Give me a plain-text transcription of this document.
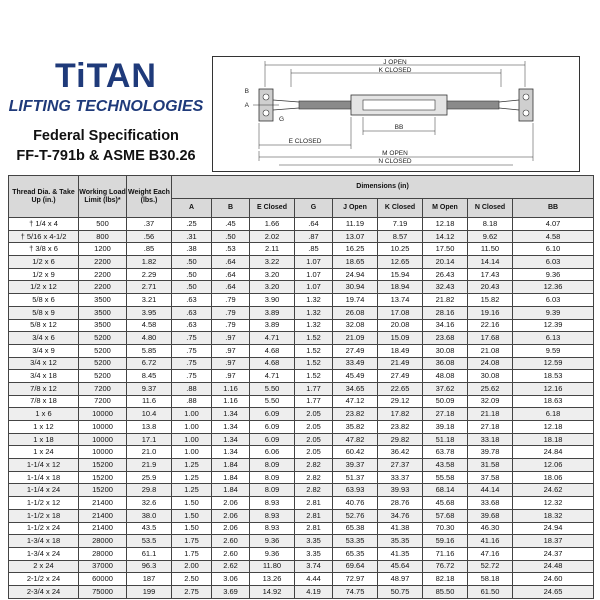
TiTAN
LIFTING TECHNOLOGIES
Federal Specification
FF-T-791b & ASME B30.26
J OPEN
K CLOSED
A
B
G
BB
E CLOSED
M OPEN
N CLOSED
Thread Dia. & Take Up (in.)	Working Load Limit (lbs)*	Weight Each (lbs.)	Dimensions (in)								
			A	B	E Closed	G	J Open	K Closed	M Open	N Closed	BB
† 1/4 x 4	500	.37	.25	.45	1.66	.64	11.19	7.19	12.18	8.18	4.07
† 5/16 x 4-1/2	800	.56	.31	.50	2.02	.87	13.07	8.57	14.12	9.62	4.58
† 3/8 x 6	1200	.85	.38	.53	2.11	.85	16.25	10.25	17.50	11.50	6.10
1/2 x 6	2200	1.82	.50	.64	3.22	1.07	18.65	12.65	20.14	14.14	6.03
1/2 x 9	2200	2.29	.50	.64	3.20	1.07	24.94	15.94	26.43	17.43	9.36
1/2 x 12	2200	2.71	.50	.64	3.20	1.07	30.94	18.94	32.43	20.43	12.36
5/8 x 6	3500	3.21	.63	.79	3.90	1.32	19.74	13.74	21.82	15.82	6.03
5/8 x 9	3500	3.95	.63	.79	3.89	1.32	26.08	17.08	28.16	19.16	9.39
5/8 x 12	3500	4.58	.63	.79	3.89	1.32	32.08	20.08	34.16	22.16	12.39
3/4 x 6	5200	4.80	.75	.97	4.71	1.52	21.09	15.09	23.68	17.68	6.13
3/4 x 9	5200	5.85	.75	.97	4.68	1.52	27.49	18.49	30.08	21.08	9.59
3/4 x 12	5200	6.72	.75	.97	4.68	1.52	33.49	21.49	36.08	24.08	12.59
3/4 x 18	5200	8.45	.75	.97	4.71	1.52	45.49	27.49	48.08	30.08	18.53
7/8 x 12	7200	9.37	.88	1.16	5.50	1.77	34.65	22.65	37.62	25.62	12.16
7/8 x 18	7200	11.6	.88	1.16	5.50	1.77	47.12	29.12	50.09	32.09	18.63
1 x 6	10000	10.4	1.00	1.34	6.09	2.05	23.82	17.82	27.18	21.18	6.18
1 x 12	10000	13.8	1.00	1.34	6.09	2.05	35.82	23.82	39.18	27.18	12.18
1 x 18	10000	17.1	1.00	1.34	6.09	2.05	47.82	29.82	51.18	33.18	18.18
1 x 24	10000	21.0	1.00	1.34	6.06	2.05	60.42	36.42	63.78	39.78	24.84
1-1/4 x 12	15200	21.9	1.25	1.84	8.09	2.82	39.37	27.37	43.58	31.58	12.06
1-1/4 x 18	15200	25.9	1.25	1.84	8.09	2.82	51.37	33.37	55.58	37.58	18.06
1-1/4 x 24	15200	29.8	1.25	1.84	8.09	2.82	63.93	39.93	68.14	44.14	24.62
1-1/2 x 12	21400	32.6	1.50	2.06	8.93	2.81	40.76	28.76	45.68	33.68	12.32
1-1/2 x 18	21400	38.0	1.50	2.06	8.93	2.81	52.76	34.76	57.68	39.68	18.32
1-1/2 x 24	21400	43.5	1.50	2.06	8.93	2.81	65.38	41.38	70.30	46.30	24.94
1-3/4 x 18	28000	53.5	1.75	2.60	9.36	3.35	53.35	35.35	59.16	41.16	18.37
1-3/4 x 24	28000	61.1	1.75	2.60	9.36	3.35	65.35	41.35	71.16	47.16	24.37
2 x 24	37000	96.3	2.00	2.62	11.80	3.74	69.64	45.64	76.72	52.72	24.48
2-1/2 x 24	60000	187	2.50	3.06	13.26	4.44	72.97	48.97	82.18	58.18	24.60
2-3/4 x 24	75000	199	2.75	3.69	14.92	4.19	74.75	50.75	85.50	61.50	24.65
